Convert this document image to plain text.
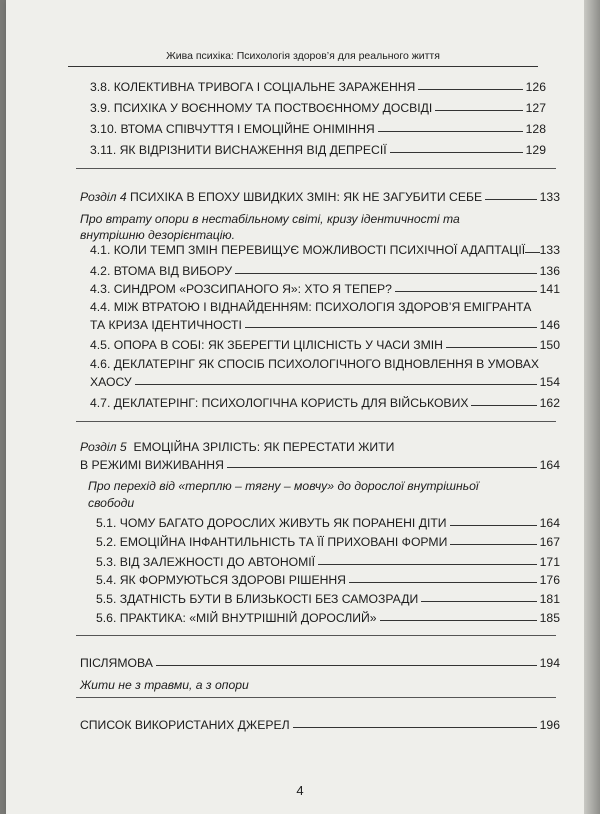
Жива психіка: Психологія здоров’я для реального життя
3.8. КОЛЕКТИВНА ТРИВОГА І СОЦІАЛЬНЕ ЗАРАЖЕННЯ	126
3.9. ПСИХІКА У ВОЄННОМУ ТА ПОСТВОЄННОМУ ДОСВІДІ	127
3.10. ВТОМА СПІВЧУТТЯ І ЕМОЦІЙНЕ ОНІМІННЯ	128
3.11. ЯК ВІДРІЗНИТИ ВИСНАЖЕННЯ ВІД ДЕПРЕСІЇ	129
Розділ 4 ПСИХІКА В ЕПОХУ ШВИДКИХ ЗМІН: ЯК НЕ ЗАГУБИТИ СЕБЕ	133
Про втрату опори в нестабільному світі, кризу ідентичності та
внутрішню дезорієнтацію.
4.1. КОЛИ ТЕМП ЗМІН ПЕРЕВИЩУЄ МОЖЛИВОСТІ ПСИХІЧНОЇ АДАПТАЦІЇ 133
4.2. ВТОМА ВІД ВИБОРУ	136
4.3. СИНДРОМ «РОЗСИПАНОГО Я»: ХТО Я ТЕПЕР?	141
4.4. МІЖ ВТРАТОЮ І ВІДНАЙДЕННЯМ: ПСИХОЛОГІЯ ЗДОРОВ’Я ЕМІГРАНТА
ТА КРИЗА ІДЕНТИЧНОСТІ	146
4.5. ОПОРА В СОБІ: ЯК ЗБЕРЕГТИ ЦІЛІСНІСТЬ У ЧАСИ ЗМІН	150
4.6. ДЕКЛАТЕРІНГ ЯК СПОСІБ ПСИХОЛОГІЧНОГО ВІДНОВЛЕННЯ В УМОВАХ
ХАОСУ	154
4.7. ДЕКЛАТЕРІНГ: ПСИХОЛОГІЧНА КОРИСТЬ ДЛЯ ВІЙСЬКОВИХ	162
Розділ 5 ЕМОЦІЙНА ЗРІЛІСТЬ: ЯК ПЕРЕСТАТИ ЖИТИ
В РЕЖИМІ ВИЖИВАННЯ	164
Про перехід від «терплю – тягну – мовчу» до дорослої внутрішньої
свободи
5.1. ЧОМУ БАГАТО ДОРОСЛИХ ЖИВУТЬ ЯК ПОРАНЕНІ ДІТИ	164
5.2. ЕМОЦІЙНА ІНФАНТИЛЬНІСТЬ ТА ЇЇ ПРИХОВАНІ ФОРМИ	167
5.3. ВІД ЗАЛЕЖНОСТІ ДО АВТОНОМІЇ	171
5.4. ЯК ФОРМУЮТЬСЯ ЗДОРОВІ РІШЕННЯ	176
5.5. ЗДАТНІСТЬ БУТИ В БЛИЗЬКОСТІ БЕЗ САМОЗРАДИ	181
5.6. ПРАКТИКА: «МІЙ ВНУТРІШНІЙ ДОРОСЛИЙ»	185
ПІСЛЯМОВА	194
Жити не з травми, а з опори
СПИСОК ВИКОРИСТАНИХ ДЖЕРЕЛ	196
4
